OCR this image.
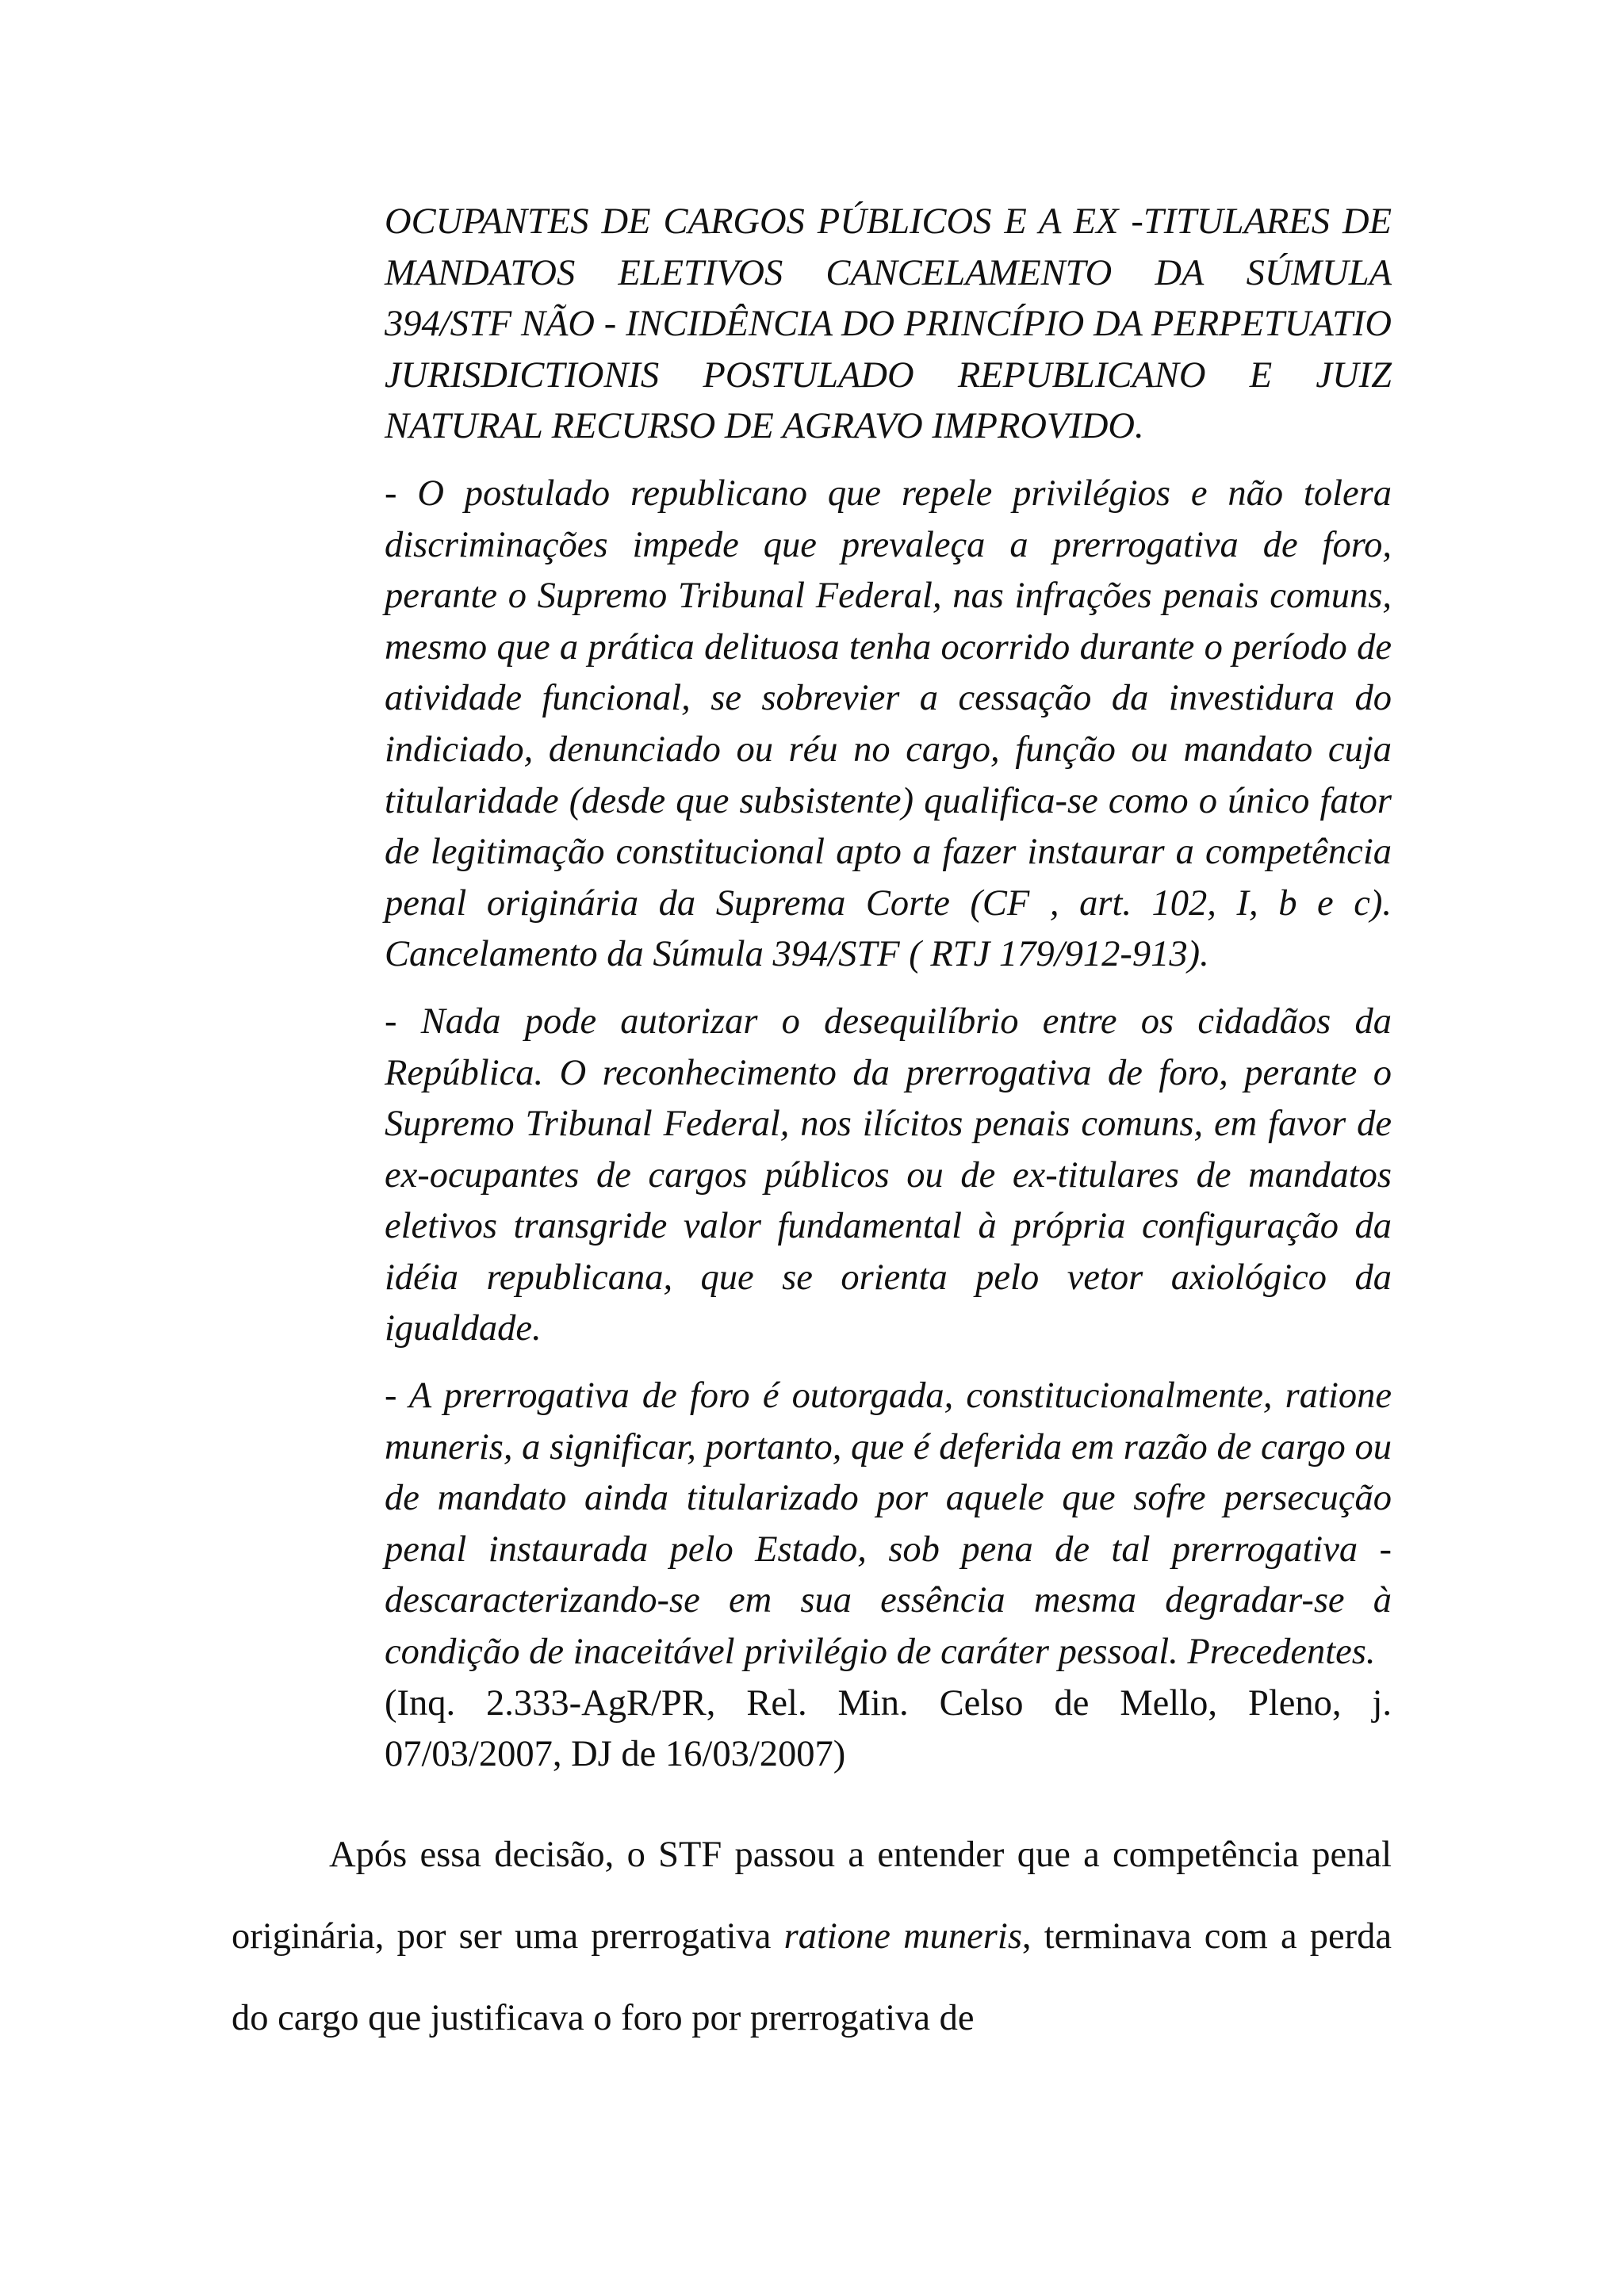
OCUPANTES DE CARGOS PÚBLICOS E A EX -TITULARES DE MANDATOS ELETIVOS CANCELAMENTO DA SÚMULA 394/STF NÃO - INCIDÊNCIA DO PRINCÍPIO DA PERPETUATIO JURISDICTIONIS POSTULADO REPUBLICANO E JUIZ NATURAL RECURSO DE AGRAVO IMPROVIDO.

- O postulado republicano que repele privilégios e não tolera discriminações impede que prevaleça a prerrogativa de foro, perante o Supremo Tribunal Federal, nas infrações penais comuns, mesmo que a prática delituosa tenha ocorrido durante o período de atividade funcional, se sobrevier a cessação da investidura do indiciado, denunciado ou réu no cargo, função ou mandato cuja titularidade (desde que subsistente) qualifica-se como o único fator de legitimação constitucional apto a fazer instaurar a competência penal originária da Suprema Corte (CF , art. 102, I, b e c). Cancelamento da Súmula 394/STF ( RTJ 179/912-913).

- Nada pode autorizar o desequilíbrio entre os cidadãos da República. O reconhecimento da prerrogativa de foro, perante o Supremo Tribunal Federal, nos ilícitos penais comuns, em favor de ex-ocupantes de cargos públicos ou de ex-titulares de mandatos eletivos transgride valor fundamental à própria configuração da idéia republicana, que se orienta pelo vetor axiológico da igualdade.

- A prerrogativa de foro é outorgada, constitucionalmente, ratione muneris, a significar, portanto, que é deferida em razão de cargo ou de mandato ainda titularizado por aquele que sofre persecução penal instaurada pelo Estado, sob pena de tal prerrogativa - descaracterizando-se em sua essência mesma degradar-se à condição de inaceitável privilégio de caráter pessoal. Precedentes.
(Inq. 2.333-AgR/PR, Rel. Min. Celso de Mello, Pleno, j. 07/03/2007, DJ de 16/03/2007)

Após essa decisão, o STF passou a entender que a competência penal originária, por ser uma prerrogativa ratione muneris, terminava com a perda do cargo que justificava o foro por prerrogativa de
